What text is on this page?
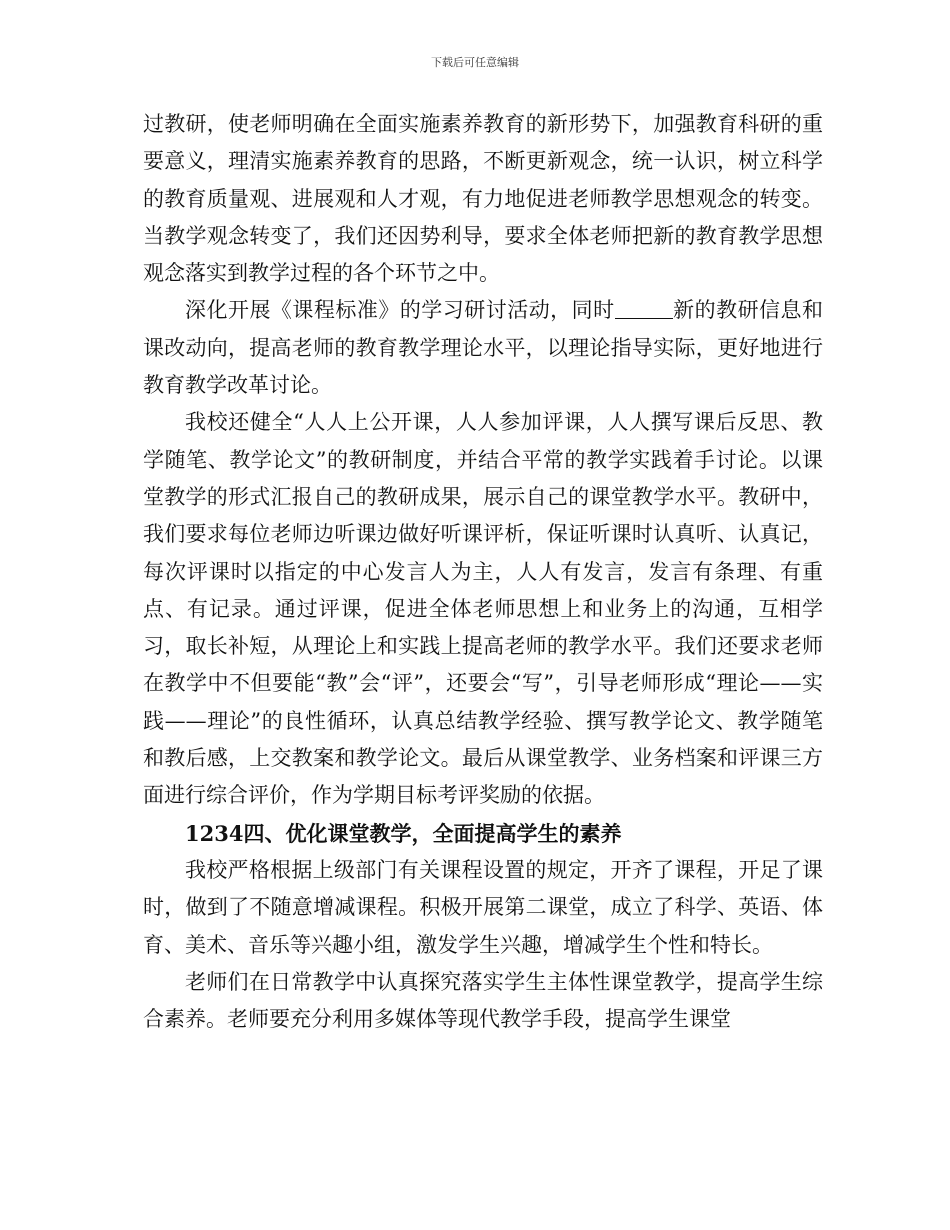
下载后可任意编辑

过教研，使老师明确在全面实施素养教育的新形势下，加强教育科研的重要意义，理清实施素养教育的思路，不断更新观念，统一认识，树立科学的教育质量观、进展观和人才观，有力地促进老师教学思想观念的转变。当教学观念转变了，我们还因势利导，要求全体老师把新的教育教学思想观念落实到教学过程的各个环节之中。

深化开展《课程标准》的学习研讨活动，同时	新的教研信息和课改动向，提高老师的教育教学理论水平，以理论指导实际，更好地进行教育教学改革讨论。

我校还健全“人人上公开课，人人参加评课，人人撰写课后反思、教学随笔、教学论文”的教研制度，并结合平常的教学实践着手讨论。以课堂教学的形式汇报自己的教研成果，展示自己的课堂教学水平。教研中，我们要求每位老师边听课边做好听课评析，保证听课时认真听、认真记，每次评课时以指定的中心发言人为主，人人有发言，发言有条理、有重点、有记录。通过评课，促进全体老师思想上和业务上的沟通，互相学习，取长补短，从理论上和实践上提高老师的教学水平。我们还要求老师在教学中不但要能“教”会“评”，还要会“写”，引导老师形成“理论——实践——理论”的良性循环，认真总结教学经验、撰写教学论文、教学随笔和教后感，上交教案和教学论文。最后从课堂教学、业务档案和评课三方面进行综合评价，作为学期目标考评奖励的依据。

1234四、优化课堂教学，全面提高学生的素养

我校严格根据上级部门有关课程设置的规定，开齐了课程，开足了课时，做到了不随意增减课程。积极开展第二课堂，成立了科学、英语、体育、美术、音乐等兴趣小组，激发学生兴趣，增减学生个性和特长。

老师们在日常教学中认真探究落实学生主体性课堂教学，提高学生综合素养。老师要充分利用多媒体等现代教学手段，提高学生课堂
